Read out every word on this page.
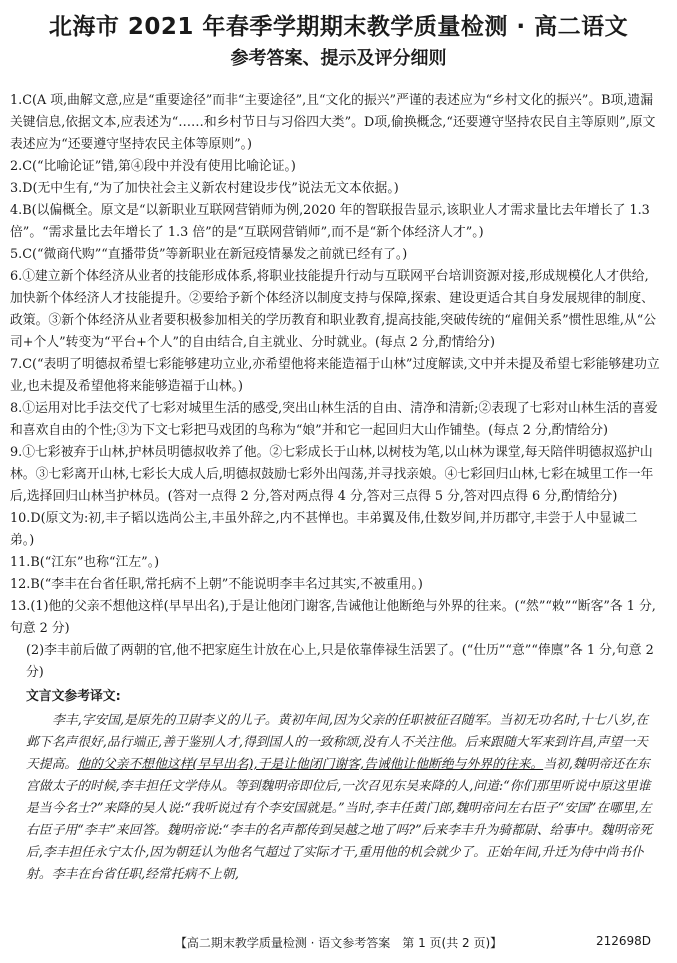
北海市 2021 年春季学期期末教学质量检测 · 高二语文
参考答案、提示及评分细则

1.C(A 项,曲解文意,应是“重要途径”而非“主要途径”,且“文化的振兴”严谨的表述应为“乡村文化的振兴”。B项,遗漏关键信息,依据文本,应表述为“……和乡村节日与习俗四大类”。D项,偷换概念,“还要遵守坚持农民自主等原则”,原文表述应为“还要遵守坚持农民主体等原则”。)

2.C(“比喻论证”错,第④段中并没有使用比喻论证。)

3.D(无中生有,“为了加快社会主义新农村建设步伐”说法无文本依据。)

4.B(以偏概全。原文是“以新职业互联网营销师为例,2020 年的智联报告显示,该职业人才需求量比去年增长了 1.3 倍”。“需求量比去年增长了 1.3 倍”的是“互联网营销师”,而不是“新个体经济人才”。)

5.C(“微商代购”“直播带货”等新职业在新冠疫情暴发之前就已经有了。)

6.①建立新个体经济从业者的技能形成体系,将职业技能提升行动与互联网平台培训资源对接,形成规模化人才供给,加快新个体经济人才技能提升。②要给予新个体经济以制度支持与保障,探索、建设更适合其自身发展规律的制度、政策。③新个体经济从业者要积极参加相关的学历教育和职业教育,提高技能,突破传统的“雇佣关系”惯性思维,从“公司+个人”转变为“平台+个人”的自由结合,自主就业、分时就业。(每点 2 分,酌情给分)

7.C(“表明了明德叔希望七彩能够建功立业,亦希望他将来能造福于山林”过度解读,文中并未提及希望七彩能够建功立业,也未提及希望他将来能够造福于山林。)

8.①运用对比手法交代了七彩对城里生活的感受,突出山林生活的自由、清净和清新;②表现了七彩对山林生活的喜爱和喜欢自由的个性;③为下文七彩把马戏团的鸟称为“娘”并和它一起回归大山作铺垫。(每点 2 分,酌情给分)

9.①七彩被弃于山林,护林员明德叔收养了他。②七彩成长于山林,以树枝为笔,以山林为课堂,每天陪伴明德叔巡护山林。③七彩离开山林,七彩长大成人后,明德叔鼓励七彩外出闯荡,并寻找亲娘。④七彩回归山林,七彩在城里工作一年后,选择回归山林当护林员。(答对一点得 2 分,答对两点得 4 分,答对三点得 5 分,答对四点得 6 分,酌情给分)

10.D(原文为:初,丰子韬以选尚公主,丰虽外辞之,内不甚惮也。丰弟翼及伟,仕数岁间,并历郡守,丰尝于人中显诚二弟。)

11.B(“江东”也称“江左”。)

12.B(“李丰在台省任职,常托病不上朝”不能说明李丰名过其实,不被重用。)

13.(1)他的父亲不想他这样(早早出名),于是让他闭门谢客,告诫他让他断绝与外界的往来。(“然”“敕”“断客”各 1 分,句意 2 分)

(2)李丰前后做了两朝的官,他不把家庭生计放在心上,只是依靠俸禄生活罢了。(“仕历”“意”“俸廪”各 1 分,句意 2 分)

文言文参考译文:

李丰,字安国,是原先的卫尉李义的儿子。黄初年间,因为父亲的任职被征召随军。当初无功名时,十七八岁,在邺下名声很好,品行端正,善于鉴别人才,得到国人的一致称颂,没有人不关注他。后来跟随大军来到许昌,声望一天天提高。他的父亲不想他这样(早早出名),于是让他闭门谢客,告诫他让他断绝与外界的往来。当初,魏明帝还在东宫做太子的时候,李丰担任文学侍从。等到魏明帝即位后,一次召见东吴来降的人,问道:“你们那里听说中原这里谁是当今名士?”来降的吴人说:“我听说过有个李安国就是。”当时,李丰任黄门郎,魏明帝问左右臣子“安国”在哪里,左右臣子用“李丰”来回答。魏明帝说:“李丰的名声都传到吴越之地了吗?”后来李丰升为骑都尉、给事中。魏明帝死后,李丰担任永宁太仆,因为朝廷认为他名气超过了实际才干,重用他的机会就少了。正始年间,升迁为侍中尚书仆射。李丰在台省任职,经常托病不上朝,

【高二期末教学质量检测 · 语文参考答案　第 1 页(共 2 页)】	212698D
